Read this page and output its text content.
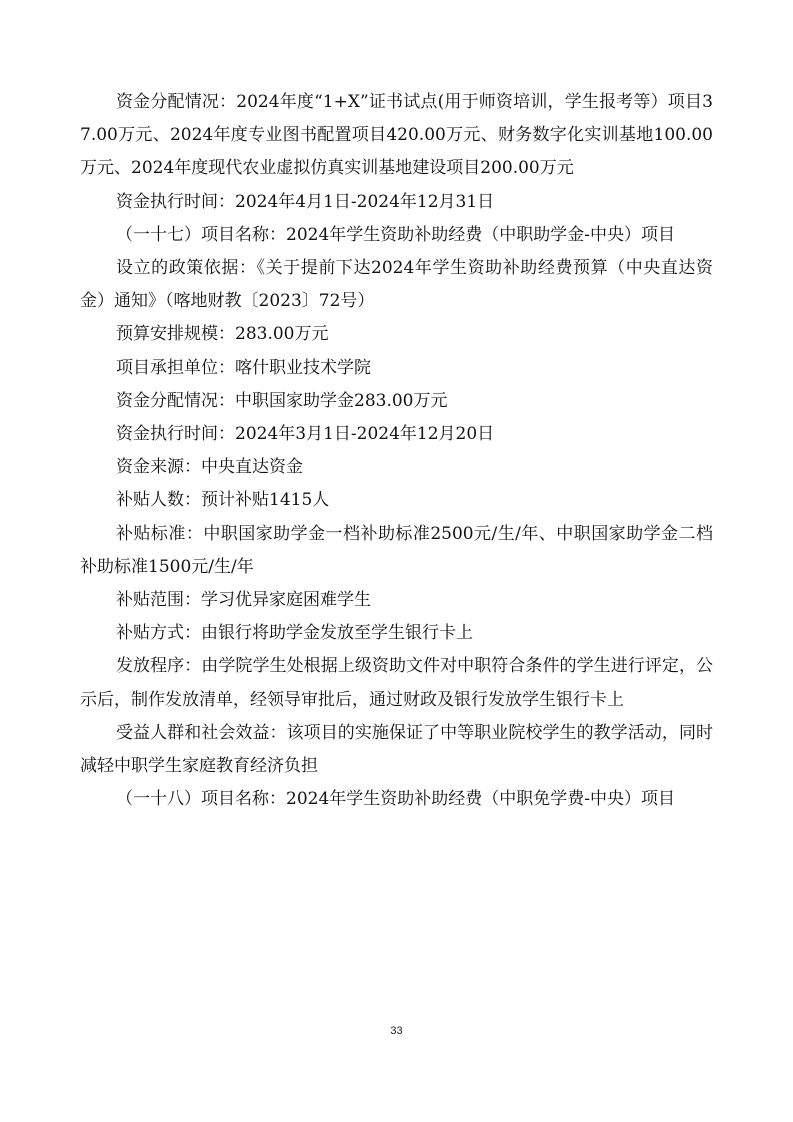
资金分配情况：2024年度“1+X”证书试点(用于师资培训，学生报考等）项目37.00万元、2024年度专业图书配置项目420.00万元、财务数字化实训基地100.00万元、2024年度现代农业虚拟仿真实训基地建设项目200.00万元

资金执行时间：2024年4月1日-2024年12月31日

（一十七）项目名称：2024年学生资助补助经费（中职助学金-中央）项目

设立的政策依据：《关于提前下达2024年学生资助补助经费预算（中央直达资金）通知》（喀地财教〔2023〕72号）

预算安排规模：283.00万元

项目承担单位：喀什职业技术学院

资金分配情况：中职国家助学金283.00万元

资金执行时间：2024年3月1日-2024年12月20日

资金来源：中央直达资金

补贴人数：预计补贴1415人

补贴标准：中职国家助学金一档补助标准2500元/生/年、中职国家助学金二档补助标准1500元/生/年

补贴范围：学习优异家庭困难学生

补贴方式：由银行将助学金发放至学生银行卡上

发放程序：由学院学生处根据上级资助文件对中职符合条件的学生进行评定，公示后，制作发放清单，经领导审批后，通过财政及银行发放学生银行卡上

受益人群和社会效益：该项目的实施保证了中等职业院校学生的教学活动，同时减轻中职学生家庭教育经济负担

（一十八）项目名称：2024年学生资助补助经费（中职免学费-中央）项目

33
